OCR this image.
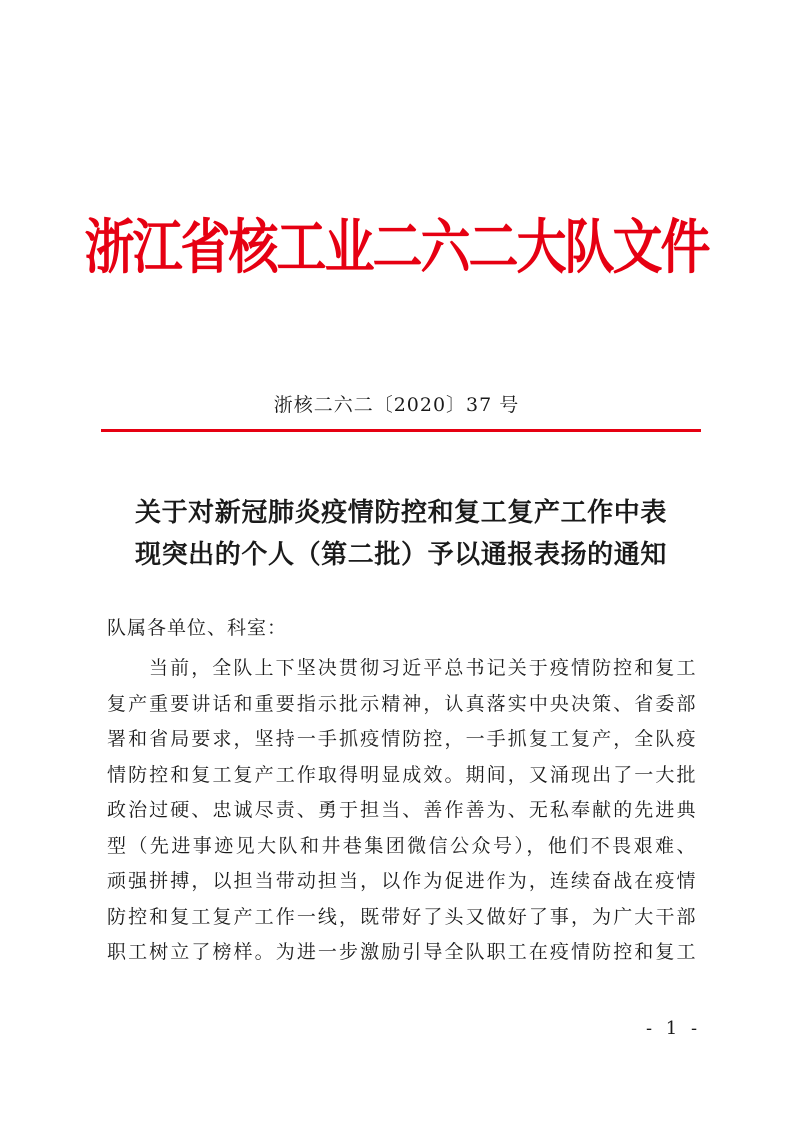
浙江省核工业二六二大队文件
浙核二六二〔2020〕37 号
关于对新冠肺炎疫情防控和复工复产工作中表
现突出的个人（第二批）予以通报表扬的通知
队属各单位、科室：
当前，全队上下坚决贯彻习近平总书记关于疫情防控和复工
复产重要讲话和重要指示批示精神，认真落实中央决策、省委部
署和省局要求，坚持一手抓疫情防控，一手抓复工复产，全队疫
情防控和复工复产工作取得明显成效。期间，又涌现出了一大批
政治过硬、忠诚尽责、勇于担当、善作善为、无私奉献的先进典
型（先进事迹见大队和井巷集团微信公众号），他们不畏艰难、
顽强拼搏，以担当带动担当，以作为促进作为，连续奋战在疫情
防控和复工复产工作一线，既带好了头又做好了事，为广大干部
职工树立了榜样。为进一步激励引导全队职工在疫情防控和复工
- 1 -
